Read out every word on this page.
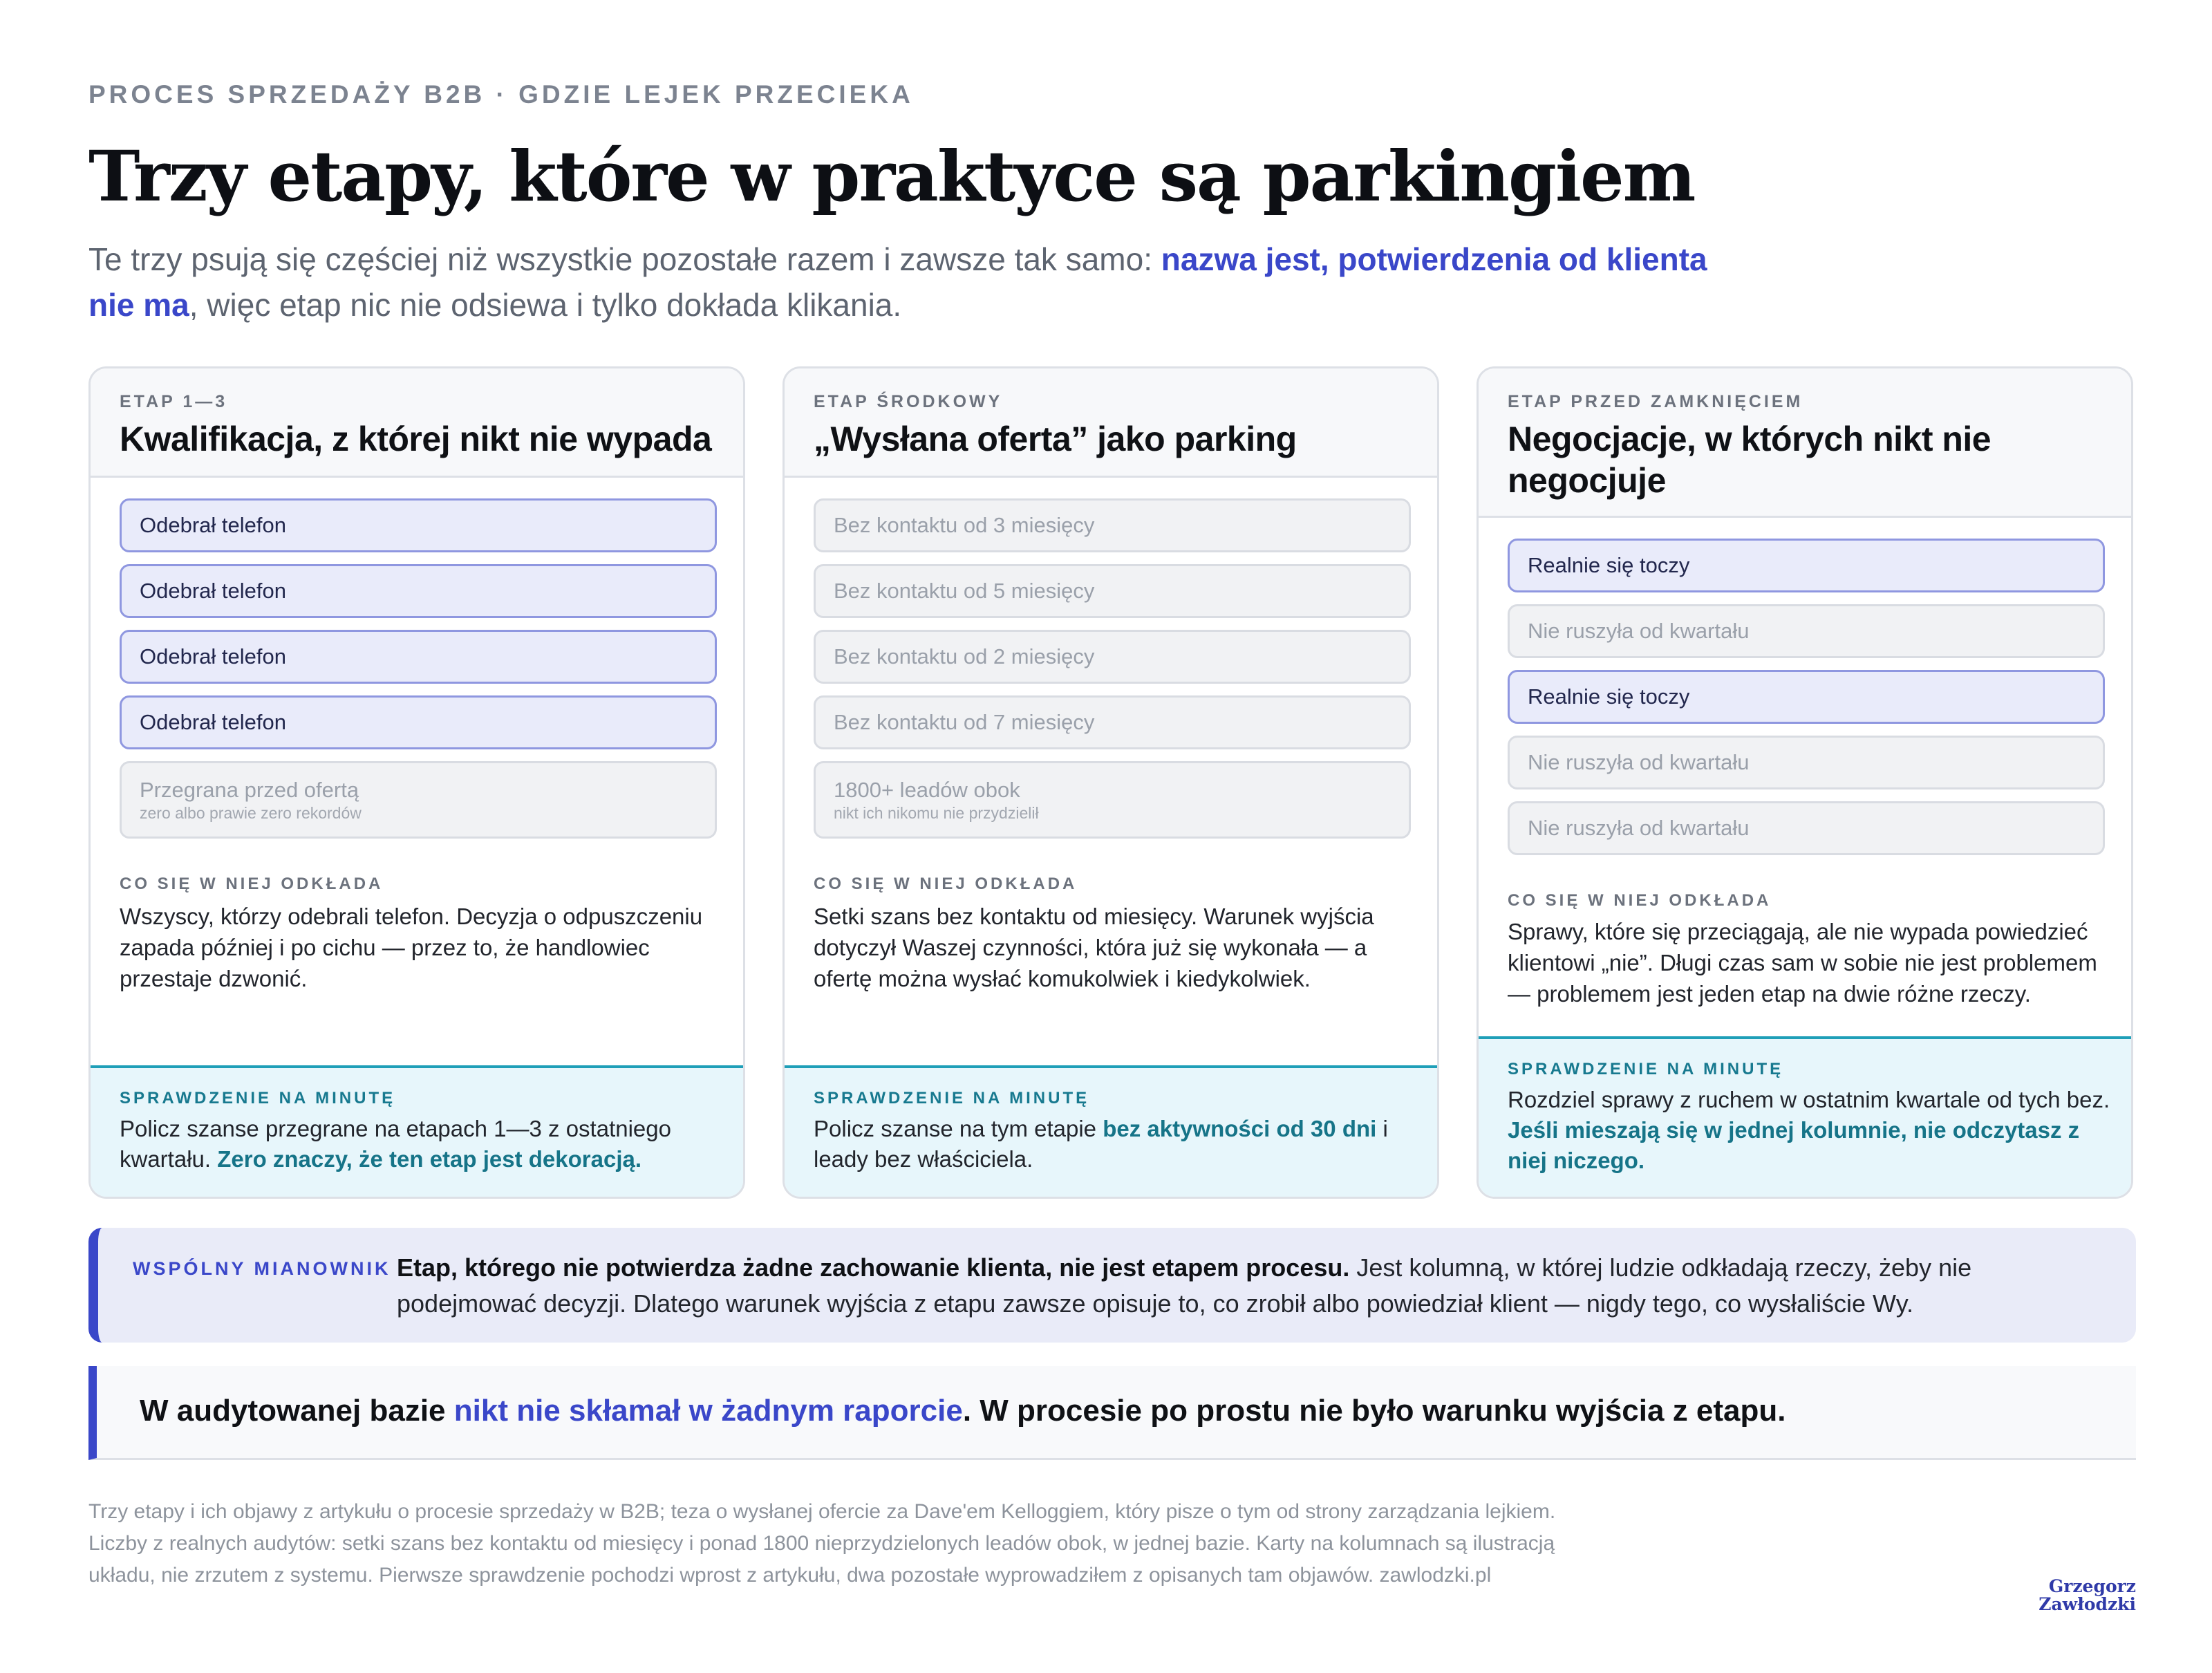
PROCES SPRZEDAŻY B2B · GDZIE LEJEK PRZECIEKA
Trzy etapy, które w praktyce są parkingiem

Te trzy psują się częściej niż wszystkie pozostałe razem i zawsze tak samo: nazwa jest, potwierdzenia od klienta nie ma, więc etap nic nie odsiewa i tylko dokłada klikania.

ETAP 1—3
Kwalifikacja, z której nikt nie wypada
Odebrał telefon
Odebrał telefon
Odebrał telefon
Odebrał telefon
Przegrana przed ofertą
zero albo prawie zero rekordów
CO SIĘ W NIEJ ODKŁADA

Wszyscy, którzy odebrali telefon. Decyzja o odpuszczeniu zapada później i po cichu — przez to, że handlowiec przestaje dzwonić.

SPRAWDZENIE NA MINUTĘ

Policz szanse przegrane na etapach 1—3 z ostatniego kwartału. Zero znaczy, że ten etap jest dekoracją.

ETAP ŚRODKOWY
„Wysłana oferta” jako parking
Bez kontaktu od 3 miesięcy
Bez kontaktu od 5 miesięcy
Bez kontaktu od 2 miesięcy
Bez kontaktu od 7 miesięcy
1800+ leadów obok
nikt ich nikomu nie przydzielił
CO SIĘ W NIEJ ODKŁADA

Setki szans bez kontaktu od miesięcy. Warunek wyjścia dotyczył Waszej czynności, która już się wykonała — a ofertę można wysłać komukolwiek i kiedykolwiek.

SPRAWDZENIE NA MINUTĘ

Policz szanse na tym etapie bez aktywności od 30 dni i leady bez właściciela.

ETAP PRZED ZAMKNIĘCIEM
Negocjacje, w których nikt nie negocjuje
Realnie się toczy
Nie ruszyła od kwartału
Realnie się toczy
Nie ruszyła od kwartału
Nie ruszyła od kwartału
CO SIĘ W NIEJ ODKŁADA

Sprawy, które się przeciągają, ale nie wypada powiedzieć klientowi „nie”. Długi czas sam w sobie nie jest problemem — problemem jest jeden etap na dwie różne rzeczy.

SPRAWDZENIE NA MINUTĘ

Rozdziel sprawy z ruchem w ostatnim kwartale od tych bez. Jeśli mieszają się w jednej kolumnie, nie odczytasz z niej niczego.

WSPÓLNY MIANOWNIK Etap, którego nie potwierdza żadne zachowanie klienta, nie jest etapem procesu. Jest kolumną, w której ludzie odkładają rzeczy, żeby nie podejmować decyzji. Dlatego warunek wyjścia z etapu zawsze opisuje to, co zrobił albo powiedział klient — nigdy tego, co wysłaliście Wy.

W audytowanej bazie nikt nie skłamał w żadnym raporcie. W procesie po prostu nie było warunku wyjścia z etapu.

Trzy etapy i ich objawy z artykułu o procesie sprzedaży w B2B; teza o wysłanej ofercie za Dave'em Kelloggiem, który pisze o tym od strony zarządzania lejkiem. Liczby z realnych audytów: setki szans bez kontaktu od miesięcy i ponad 1800 nieprzydzielonych leadów obok, w jednej bazie. Karty na kolumnach są ilustracją układu, nie zrzutem z systemu. Pierwsze sprawdzenie pochodzi wprost z artykułu, dwa pozostałe wyprowadziłem z opisanych tam objawów. zawlodzki.pl	Grzegorz
Zawłodzki
